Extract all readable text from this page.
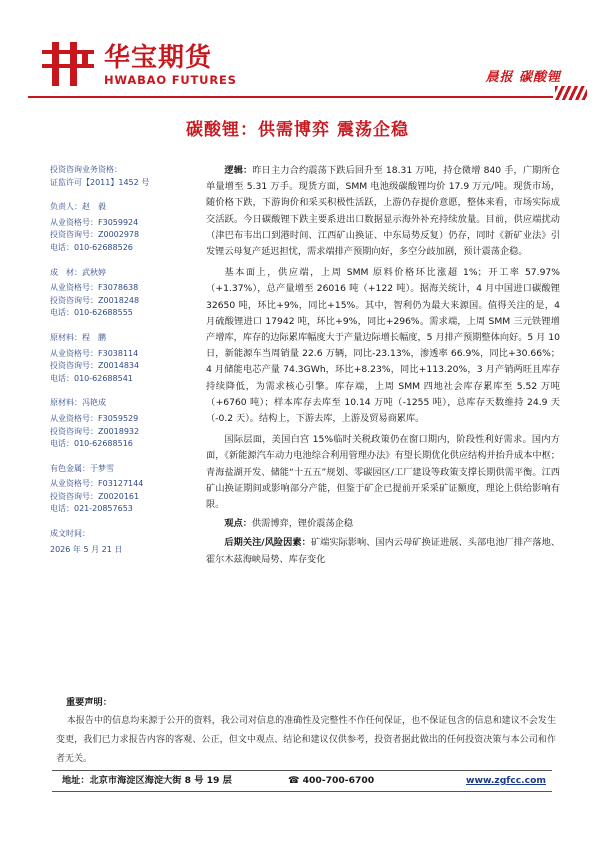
华宝期货
HWABAO FUTURES	晨报 碳酸锂
碳酸锂：供需博弈 震荡企稳
投资咨询业务资格：
证监许可【2011】1452 号
负责人：赵　毅
从业资格号：F3059924
投资咨询号：Z0002978
电话：010-62688526
成　材：武秋婷
从业资格号：F3078638
投资咨询号：Z0018248
电话：010-62688555
原材料：程　鹏
从业资格号：F3038114
投资咨询号：Z0014834
电话：010-62688541
原材料：冯艳成
从业资格号：F3059529
投资咨询号：Z0018932
电话：010-62688516
有色金属：于梦雪
从业资格号：F03127144
投资咨询号：Z0020161
电话：021-20857653
成文时间：
2026 年 5 月 21 日

逻辑：昨日主力合约震荡下跌后回升至 18.31 万吨，持仓微增 840 手，广期所仓单量增至 5.31 万手。现货方面，SMM 电池级碳酸锂均价 17.9 万元/吨。现货市场，随价格下跌，下游询价和采买积极性活跃，上游仍存提价意愿，整体来看，市场实际成交活跃。今日碳酸锂下跌主要系进出口数据显示海外补充持续放量。目前，供应端扰动（津巴布韦出口到港时间、江西矿山换证、中东局势反复）仍存，同时《新矿业法》引发锂云母复产延迟担忧，需求端排产预期向好，多空分歧加剧，预计震荡企稳。

基本面上，供应端，上周 SMM 原料价格环比涨超 1%；开工率 57.97%（+1.37%），总产量增至 26016 吨（+122 吨）。据海关统计，4 月中国进口碳酸锂 32650 吨，环比+9%，同比+15%。其中，智利仍为最大来源国。值得关注的是，4 月硫酸锂进口 17942 吨，环比+9%，同比+296%。需求端，上周 SMM 三元铁锂增产增库，库存的边际累库幅度大于产量边际增长幅度，5 月排产预期整体向好。5 月 10 日，新能源车当周销量 22.6 万辆，同比-23.13%，渗透率 66.9%，同比+30.66%；4 月储能电芯产量 74.3GWh，环比+8.23%，同比+113.20%，3 月产销两旺且库存持续降低，为需求核心引擎。库存端，上周 SMM 四地社会库存累库至 5.52 万吨（+6760 吨）；样本库存去库至 10.14 万吨（-1255 吨），总库存天数维持 24.9 天（-0.2 天）。结构上，下游去库，上游及贸易商累库。

国际层面，美国白宫 15%临时关税政策仍在窗口期内，阶段性利好需求。国内方面，《新能源汽车动力电池综合利用管理办法》有望长期优化供应结构并抬升成本中枢；青海盐湖开发、储能“十五五”规划、零碳园区/工厂建设等政策支撑长期供需平衡。江西矿山换证期间或影响部分产能，但鉴于矿企已提前开采采矿证额度，理论上供给影响有限。

观点：供需博弈，锂价震荡企稳

后期关注/风险因素：矿端实际影响、国内云母矿换证进展、头部电池厂排产落地、霍尔木兹海峡局势、库存变化

重要声明：
本报告中的信息均来源于公开的资料，我公司对信息的准确性及完整性不作任何保证，也不保证包含的信息和建议不会发生变更，我们已力求报告内容的客观、公正，但文中观点、结论和建议仅供参考，投资者据此做出的任何投资决策与本公司和作者无关。
地址：北京市海淀区海淀大街 8 号 19 层	☎ 400-700-6700	www.zgfcc.com
